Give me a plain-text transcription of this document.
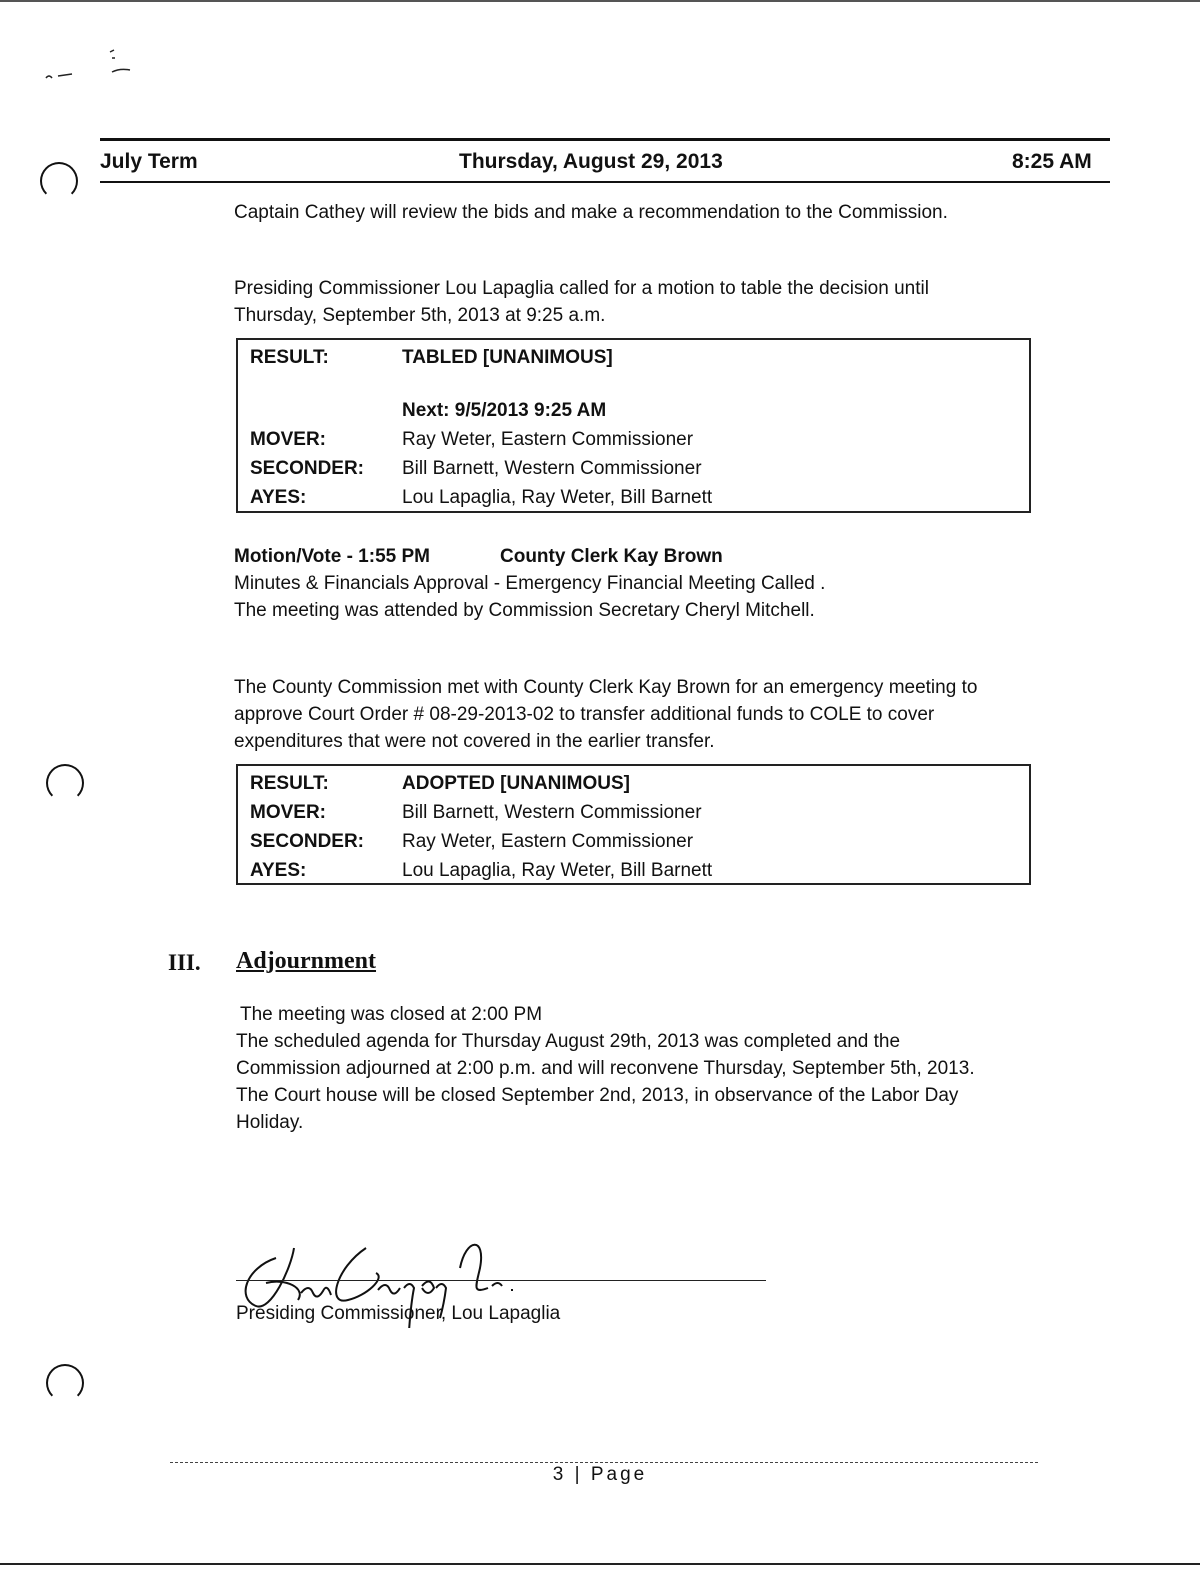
July Term	Thursday, August 29, 2013	8:25 AM
Captain Cathey will review the bids and make a recommendation to the Commission.
Presiding Commissioner Lou Lapaglia called for a motion to table the decision until
Thursday, September 5th, 2013 at 9:25 a.m.
RESULT:	TABLED [UNANIMOUS]
Next: 9/5/2013 9:25 AM
MOVER:	Ray Weter, Eastern Commissioner
SECONDER:	Bill Barnett, Western Commissioner
AYES:	Lou Lapaglia, Ray Weter, Bill Barnett
Motion/Vote - 1:55 PM	County Clerk Kay Brown
Minutes & Financials Approval - Emergency Financial Meeting Called .
The meeting was attended by Commission Secretary Cheryl Mitchell.
The County Commission met with County Clerk Kay Brown for an emergency meeting to
approve Court Order # 08-29-2013-02 to transfer additional funds to COLE to cover
expenditures that were not covered in the earlier transfer.
RESULT:	ADOPTED [UNANIMOUS]
MOVER:	Bill Barnett, Western Commissioner
SECONDER:	Ray Weter, Eastern Commissioner
AYES:	Lou Lapaglia, Ray Weter, Bill Barnett
III. Adjournment
The meeting was closed at 2:00 PM
The scheduled agenda for Thursday August 29th, 2013 was completed and the
Commission adjourned at 2:00 p.m. and will reconvene Thursday, September 5th, 2013.
The Court house will be closed September 2nd, 2013, in observance of the Labor Day
Holiday.
Presiding Commissioner, Lou Lapaglia
3 | Page
